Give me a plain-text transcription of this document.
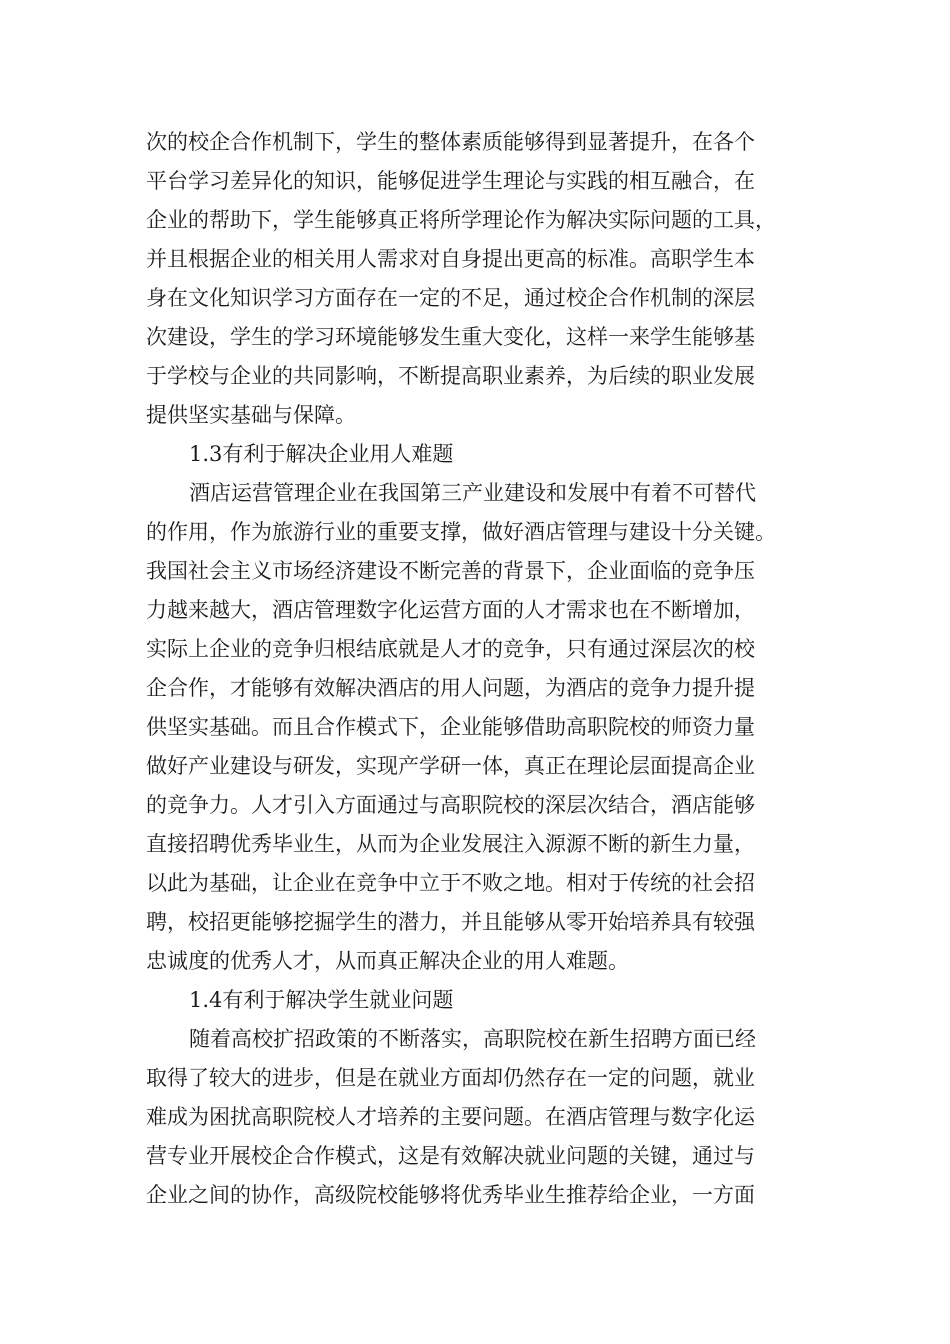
次的校企合作机制下，学生的整体素质能够得到显著提升，在各个
平台学习差异化的知识，能够促进学生理论与实践的相互融合，在
企业的帮助下，学生能够真正将所学理论作为解决实际问题的工具，
并且根据企业的相关用人需求对自身提出更高的标准。高职学生本
身在文化知识学习方面存在一定的不足，通过校企合作机制的深层
次建设，学生的学习环境能够发生重大变化，这样一来学生能够基
于学校与企业的共同影响，不断提高职业素养，为后续的职业发展
提供坚实基础与保障。
1.3有利于解决企业用人难题
酒店运营管理企业在我国第三产业建设和发展中有着不可替代
的作用，作为旅游行业的重要支撑，做好酒店管理与建设十分关键。
我国社会主义市场经济建设不断完善的背景下，企业面临的竞争压
力越来越大，酒店管理数字化运营方面的人才需求也在不断增加，
实际上企业的竞争归根结底就是人才的竞争，只有通过深层次的校
企合作，才能够有效解决酒店的用人问题，为酒店的竞争力提升提
供坚实基础。而且合作模式下，企业能够借助高职院校的师资力量
做好产业建设与研发，实现产学研一体，真正在理论层面提高企业
的竞争力。人才引入方面通过与高职院校的深层次结合，酒店能够
直接招聘优秀毕业生，从而为企业发展注入源源不断的新生力量，
以此为基础，让企业在竞争中立于不败之地。相对于传统的社会招
聘，校招更能够挖掘学生的潜力，并且能够从零开始培养具有较强
忠诚度的优秀人才，从而真正解决企业的用人难题。
1.4有利于解决学生就业问题
随着高校扩招政策的不断落实，高职院校在新生招聘方面已经
取得了较大的进步，但是在就业方面却仍然存在一定的问题，就业
难成为困扰高职院校人才培养的主要问题。在酒店管理与数字化运
营专业开展校企合作模式，这是有效解决就业问题的关键，通过与
企业之间的协作，高级院校能够将优秀毕业生推荐给企业，一方面
